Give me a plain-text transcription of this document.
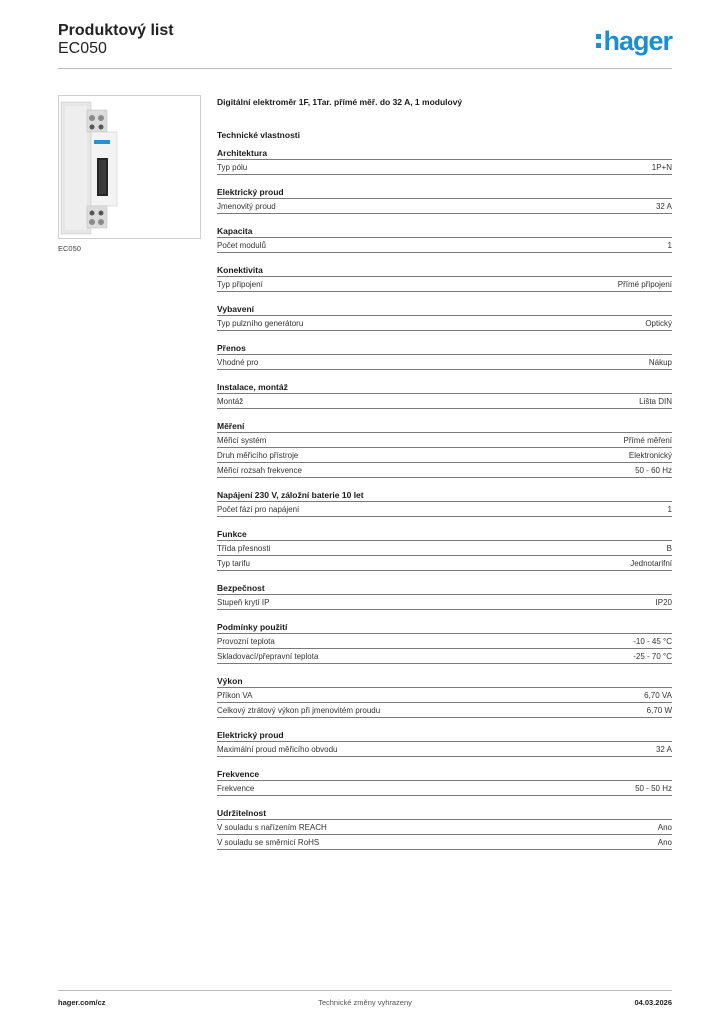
Produktový list
EC050	hager
EC050
Digitální elektroměr 1F, 1Tar. přímé měř. do 32 A, 1 modulový
Technické vlastnosti
Architektura
Typ pólu	1P+N
Elektrický proud
Jmenovitý proud	32 A
Kapacita
Počet modulů	1
Konektivita
Typ připojení	Přímé připojení
Vybavení
Typ pulzního generátoru	Optický
Přenos
Vhodné pro	Nákup
Instalace, montáž
Montáž	Lišta DIN
Měření
Měřicí systém	Přímé měření
Druh měřicího přístroje	Elektronický
Měřicí rozsah frekvence	50 - 60 Hz
Napájení 230 V, záložní baterie 10 let
Počet fází pro napájení	1
Funkce
Třída přesnosti	B
Typ tarifu	Jednotarifní
Bezpečnost
Stupeň krytí IP	IP20
Podmínky použití
Provozní teplota	-10 - 45 °C
Skladovací/přepravní teplota	-25 - 70 °C
Výkon
Příkon VA	6,70 VA
Celkový ztrátový výkon při jmenovitém proudu	6,70 W
Elektrický proud
Maximální proud měřicího obvodu	32 A
Frekvence
Frekvence	50 - 50 Hz
Udržitelnost
V souladu s nařízením REACH	Ano
V souladu se směrnicí RoHS	Ano
hager.com/cz	Technické změny vyhrazeny	04.03.2026
